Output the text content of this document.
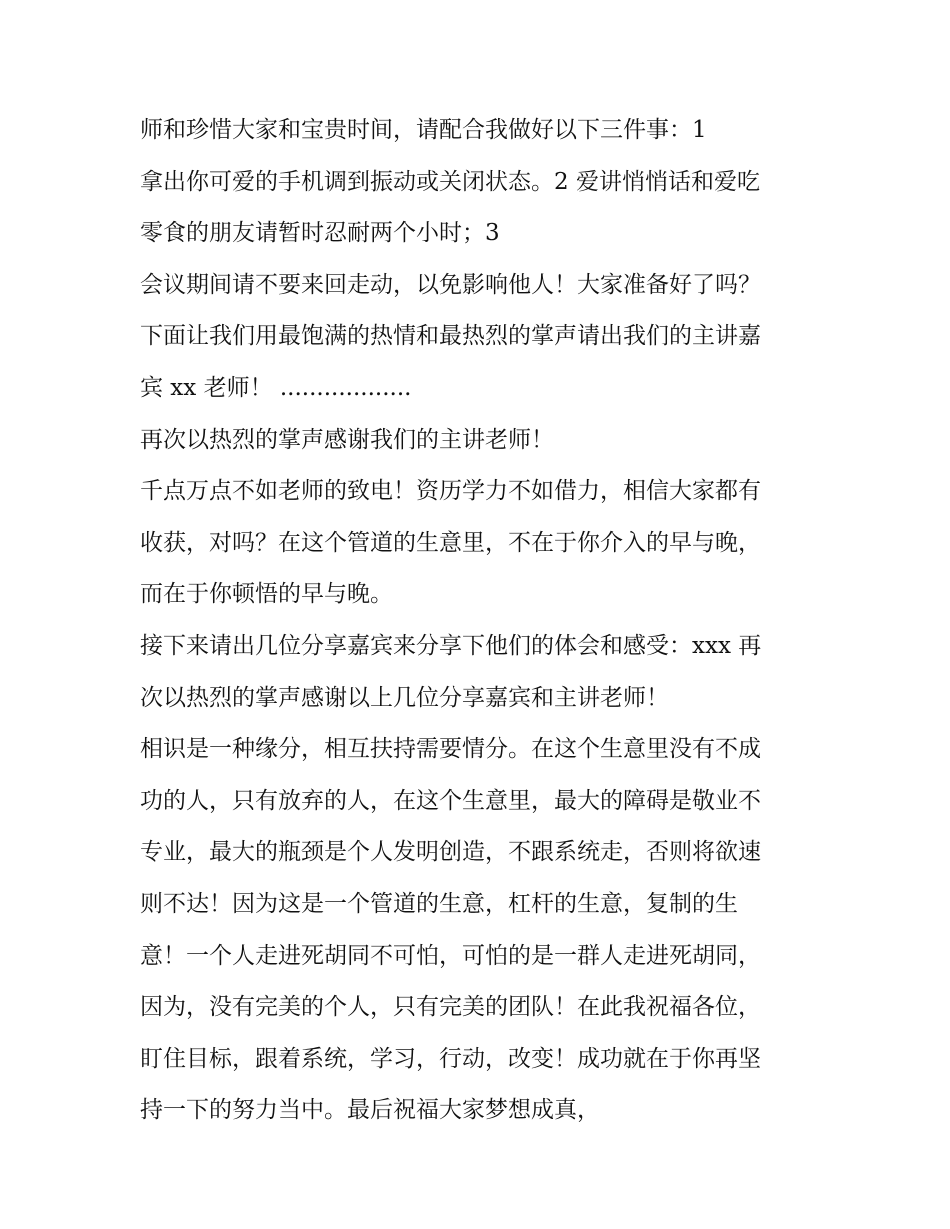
师和珍惜大家和宝贵时间，请配合我做好以下三件事：1
拿出你可爱的手机调到振动或关闭状态。2 爱讲悄悄话和爱吃
零食的朋友请暂时忍耐两个小时；3
会议期间请不要来回走动，以免影响他人！大家准备好了吗？
下面让我们用最饱满的热情和最热烈的掌声请出我们的主讲嘉
宾 xx 老师！ ..................
再次以热烈的掌声感谢我们的主讲老师！
千点万点不如老师的致电！资历学力不如借力，相信大家都有
收获，对吗？在这个管道的生意里，不在于你介入的早与晚，
而在于你顿悟的早与晚。
接下来请出几位分享嘉宾来分享下他们的体会和感受：xxx 再
次以热烈的掌声感谢以上几位分享嘉宾和主讲老师！
相识是一种缘分，相互扶持需要情分。在这个生意里没有不成
功的人，只有放弃的人，在这个生意里，最大的障碍是敬业不
专业，最大的瓶颈是个人发明创造，不跟系统走，否则将欲速
则不达！因为这是一个管道的生意，杠杆的生意，复制的生
意！一个人走进死胡同不可怕，可怕的是一群人走进死胡同，
因为，没有完美的个人，只有完美的团队！在此我祝福各位，
盯住目标，跟着系统，学习，行动，改变！成功就在于你再坚
持一下的努力当中。最后祝福大家梦想成真，
